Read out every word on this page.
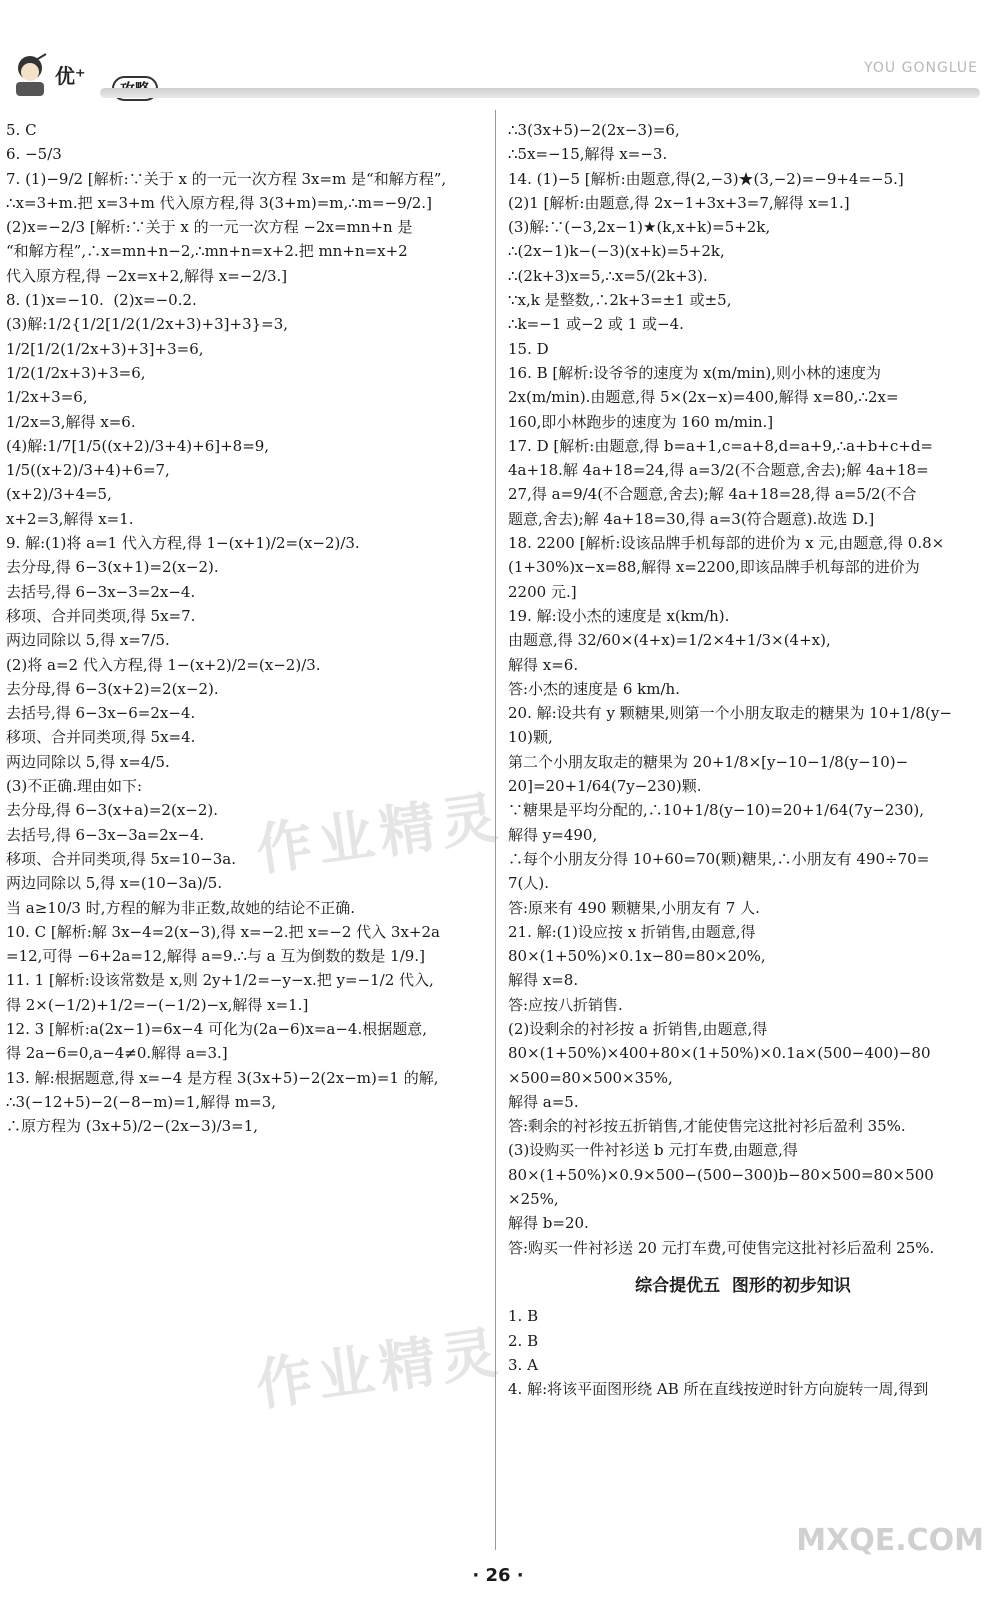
优⁺	YOU GONGLUE

5. C

6. −5/3

7. (1)−9/2 [解析:∵关于 x 的一元一次方程 3x=m 是“和解方程”,

∴x=3+m.把 x=3+m 代入原方程,得 3(3+m)=m,∴m=−9/2.]

(2)x=−2/3 [解析:∵关于 x 的一元一次方程 −2x=mn+n 是

“和解方程”,∴x=mn+n−2,∴mn+n=x+2.把 mn+n=x+2

代入原方程,得 −2x=x+2,解得 x=−2/3.]

8. (1)x=−10.  (2)x=−0.2.

(3)解:1/2{1/2[1/2(1/2x+3)+3]+3}=3,

1/2[1/2(1/2x+3)+3]+3=6,

1/2(1/2x+3)+3=6,

1/2x+3=6,

1/2x=3,解得 x=6.

(4)解:1/7[1/5((x+2)/3+4)+6]+8=9,

1/5((x+2)/3+4)+6=7,

(x+2)/3+4=5,

x+2=3,解得 x=1.

9. 解:(1)将 a=1 代入方程,得 1−(x+1)/2=(x−2)/3.

去分母,得 6−3(x+1)=2(x−2).

去括号,得 6−3x−3=2x−4.

移项、合并同类项,得 5x=7.

两边同除以 5,得 x=7/5.

(2)将 a=2 代入方程,得 1−(x+2)/2=(x−2)/3.

去分母,得 6−3(x+2)=2(x−2).

去括号,得 6−3x−6=2x−4.

移项、合并同类项,得 5x=4.

两边同除以 5,得 x=4/5.

(3)不正确.理由如下:

去分母,得 6−3(x+a)=2(x−2).

去括号,得 6−3x−3a=2x−4.

移项、合并同类项,得 5x=10−3a.

两边同除以 5,得 x=(10−3a)/5.

当 a≥10/3 时,方程的解为非正数,故她的结论不正确.

10. C [解析:解 3x−4=2(x−3),得 x=−2.把 x=−2 代入 3x+2a

=12,可得 −6+2a=12,解得 a=9.∴与 a 互为倒数的数是 1/9.]

11. 1 [解析:设该常数是 x,则 2y+1/2=−y−x.把 y=−1/2 代入,

得 2×(−1/2)+1/2=−(−1/2)−x,解得 x=1.]

12. 3 [解析:a(2x−1)=6x−4 可化为(2a−6)x=a−4.根据题意,

得 2a−6=0,a−4≠0.解得 a=3.]

13. 解:根据题意,得 x=−4 是方程 3(3x+5)−2(2x−m)=1 的解,

∴3(−12+5)−2(−8−m)=1,解得 m=3,

∴原方程为 (3x+5)/2−(2x−3)/3=1,

∴3(3x+5)−2(2x−3)=6,

∴5x=−15,解得 x=−3.

14. (1)−5 [解析:由题意,得(2,−3)★(3,−2)=−9+4=−5.]

(2)1 [解析:由题意,得 2x−1+3x+3=7,解得 x=1.]

(3)解:∵(−3,2x−1)★(k,x+k)=5+2k,

∴(2x−1)k−(−3)(x+k)=5+2k,

∴(2k+3)x=5,∴x=5/(2k+3).

∵x,k 是整数,∴2k+3=±1 或±5,

∴k=−1 或−2 或 1 或−4.

15. D

16. B [解析:设爷爷的速度为 x(m/min),则小林的速度为

2x(m/min).由题意,得 5×(2x−x)=400,解得 x=80,∴2x=

160,即小林跑步的速度为 160 m/min.]

17. D [解析:由题意,得 b=a+1,c=a+8,d=a+9,∴a+b+c+d=

4a+18.解 4a+18=24,得 a=3/2(不合题意,舍去);解 4a+18=

27,得 a=9/4(不合题意,舍去);解 4a+18=28,得 a=5/2(不合

题意,舍去);解 4a+18=30,得 a=3(符合题意).故选 D.]

18. 2200 [解析:设该品牌手机每部的进价为 x 元,由题意,得 0.8×

(1+30%)x−x=88,解得 x=2200,即该品牌手机每部的进价为

2200 元.]

19. 解:设小杰的速度是 x(km/h).

由题意,得 32/60×(4+x)=1/2×4+1/3×(4+x),

解得 x=6.

答:小杰的速度是 6 km/h.

20. 解:设共有 y 颗糖果,则第一个小朋友取走的糖果为 10+1/8(y−

10)颗,

第二个小朋友取走的糖果为 20+1/8×[y−10−1/8(y−10)−

20]=20+1/64(7y−230)颗.

∵糖果是平均分配的,∴10+1/8(y−10)=20+1/64(7y−230),

解得 y=490,

∴每个小朋友分得 10+60=70(颗)糖果,∴小朋友有 490÷70=

7(人).

答:原来有 490 颗糖果,小朋友有 7 人.

21. 解:(1)设应按 x 折销售,由题意,得

80×(1+50%)×0.1x−80=80×20%,

解得 x=8.

答:应按八折销售.

(2)设剩余的衬衫按 a 折销售,由题意,得

80×(1+50%)×400+80×(1+50%)×0.1a×(500−400)−80

×500=80×500×35%,

解得 a=5.

答:剩余的衬衫按五折销售,才能使售完这批衬衫后盈利 35%.

(3)设购买一件衬衫送 b 元打车费,由题意,得

80×(1+50%)×0.9×500−(500−300)b−80×500=80×500

×25%,

解得 b=20.

答:购买一件衬衫送 20 元打车费,可使售完这批衬衫后盈利 25%.

综合提优五  图形的初步知识

1. B

2. B

3. A

4. 解:将该平面图形绕 AB 所在直线按逆时针方向旋转一周,得到

作业精灵
作业精灵
MXQE.COM
· 26 ·
